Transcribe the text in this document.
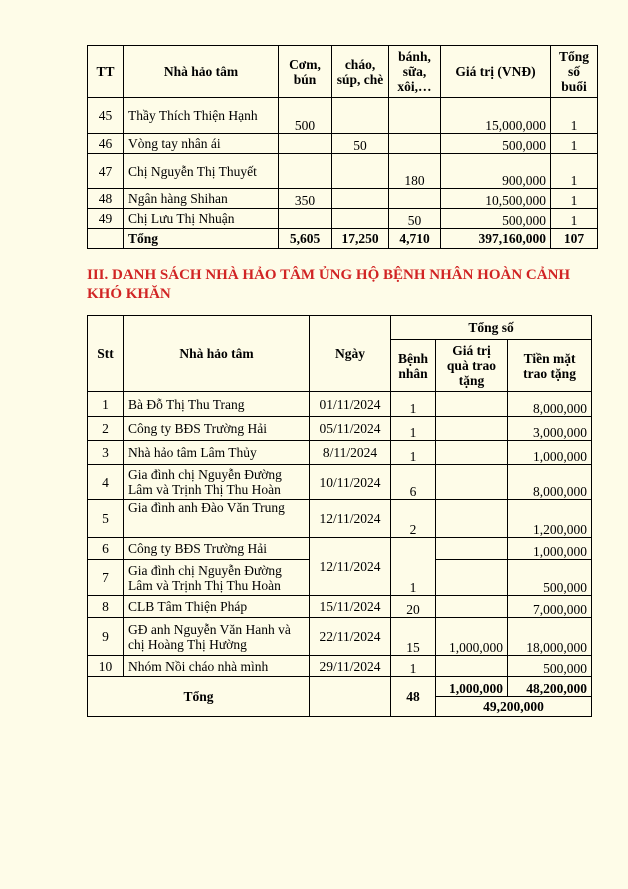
TT	Nhà hảo tâm	Cơm, bún	cháo, súp, chè	bánh, sữa, xôi,…	Giá trị (VNĐ)	Tổng số buổi
45	Thầy Thích Thiện Hạnh	500			15,000,000	1
46	Vòng tay nhân ái		50		500,000	1
47	Chị Nguyễn Thị Thuyết			180	900,000	1
48	Ngân hàng Shihan	350			10,500,000	1
49	Chị Lưu Thị Nhuận			50	500,000	1
	Tổng	5,605	17,250	4,710	397,160,000	107

III. DANH SÁCH NHÀ HẢO TÂM ỦNG HỘ BỆNH NHÂN HOÀN CẢNH KHÓ KHĂN

Stt	Nhà hảo tâm	Ngày	Tổng số		
			Bệnh nhân	Giá trị quà trao tặng	Tiền mặt trao tặng
1	Bà Đỗ Thị Thu Trang	01/11/2024	1		8,000,000
2	Công ty BĐS Trường Hải	05/11/2024	1		3,000,000
3	Nhà hảo tâm Lâm Thủy	8/11/2024	1		1,000,000
4	Gia đình chị Nguyễn Đường Lâm và Trịnh Thị Thu Hoàn	10/11/2024	6		8,000,000
5	Gia đình anh Đào Văn Trung	12/11/2024	2		1,200,000
6	Công ty BĐS Trường Hải	12/11/2024	1		1,000,000
7	Gia đình chị Nguyễn Đường Lâm và Trịnh Thị Thu Hoàn				500,000
8	CLB Tâm Thiện Pháp	15/11/2024	20		7,000,000
9	GĐ anh Nguyễn Văn Hanh và chị Hoàng Thị Hường	22/11/2024	15	1,000,000	18,000,000
10	Nhóm Nồi cháo nhà mình	29/11/2024	1		500,000
Tổng			48	1,000,000	48,200,000
				49,200,000	
